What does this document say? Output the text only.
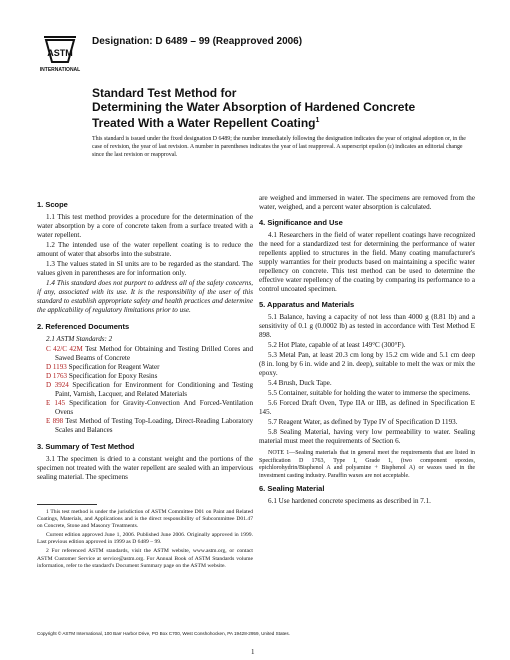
ASTM
INTERNATIONAL
Designation: D 6489 – 99 (Reapproved 2006)
Standard Test Method for
Determining the Water Absorption of Hardened Concrete
Treated With a Water Repellent Coating$^1$
This standard is issued under the fixed designation D 6489; the number immediately following the designation indicates the year of original adoption or, in the case of revision, the year of last revision. A number in parentheses indicates the year of last reapproval. A superscript epsilon (ε) indicates an editorial change since the last revision or reapproval.
1. Scope

1.1 This test method provides a procedure for the determination of the water absorption by a core of concrete taken from a surface treated with a water repellent.

1.2 The intended use of the water repellent coating is to reduce the amount of water that absorbs into the substrate.

1.3 The values stated in SI units are to be regarded as the standard. The values given in parentheses are for information only.

1.4 This standard does not purport to address all of the safety concerns, if any, associated with its use. It is the responsibility of the user of this standard to establish appropriate safety and health practices and determine the applicability of regulatory limitations prior to use.

2. Referenced Documents

2.1 ASTM Standards: 2

C 42/C 42M Test Method for Obtaining and Testing Drilled Cores and Sawed Beams of Concrete
D 1193 Specification for Reagent Water
D 1763 Specification for Epoxy Resins
D 3924 Specification for Environment for Conditioning and Testing Paint, Varnish, Lacquer, and Related Materials
E 145 Specification for Gravity-Convection And Forced-Ventilation Ovens
E 898 Test Method of Testing Top-Loading, Direct-Reading Laboratory Scales and Balances
3. Summary of Test Method

3.1 The specimen is dried to a constant weight and the portions of the specimen not treated with the water repellent are sealed with an impervious sealing material. The specimens

1 This test method is under the jurisdiction of ASTM Committee D01 on Paint and Related Coatings, Materials, and Applications and is the direct responsibility of Subcommittee D01.47 on Concrete, Stone and Masonry Treatments.
Current edition approved June 1, 2006. Published June 2006. Originally approved in 1999. Last previous edition approved in 1999 as D 6489 – 99.
2 For referenced ASTM standards, visit the ASTM website, www.astm.org, or contact ASTM Customer Service at service@astm.org. For Annual Book of ASTM Standards volume information, refer to the standard's Document Summary page on the ASTM website.

are weighed and immersed in water. The specimens are removed from the water, weighed, and a percent water absorption is calculated.

4. Significance and Use

4.1 Researchers in the field of water repellent coatings have recognized the need for a standardized test for determining the performance of water repellents applied to structures in the field. Many coating manufacturer's supply warranties for their products based on maintaining a specific water repellency on concrete. This test method can be used to determine the effective water repellency of the coating by comparing its performance to a control uncoated specimen.

5. Apparatus and Materials

5.1 Balance, having a capacity of not less than 4000 g (8.81 lb) and a sensitivity of 0.1 g (0.0002 lb) as tested in accordance with Test Method E 898.

5.2 Hot Plate, capable of at least 149°C (300°F).

5.3 Metal Pan, at least 20.3 cm long by 15.2 cm wide and 5.1 cm deep (8 in. long by 6 in. wide and 2 in. deep), suitable to melt the wax or mix the epoxy.

5.4 Brush, Duck Tape.

5.5 Container, suitable for holding the water to immerse the specimens.

5.6 Forced Draft Oven, Type IIA or IIB, as defined in Specification E 145.

5.7 Reagent Water, as defined by Type IV of Specification D 1193.

5.8 Sealing Material, having very low permeability to water. Sealing material must meet the requirements of Section 6.

NOTE 1—Sealing materials that in general meet the requirements that are listed in Specification D 1763, Type I, Grade 1, (two component epoxies, epichlorohydrin/Bisphenol A and polyamine + Bisphenol A) or waxes used in the investment casting industry. Paraffin waxes are not acceptable.
6. Sealing Material

6.1 Use hardened concrete specimens as described in 7.1.

Copyright © ASTM International, 100 Barr Harbor Drive, PO Box C700, West Conshohocken, PA 19428-2959, United States.
1
